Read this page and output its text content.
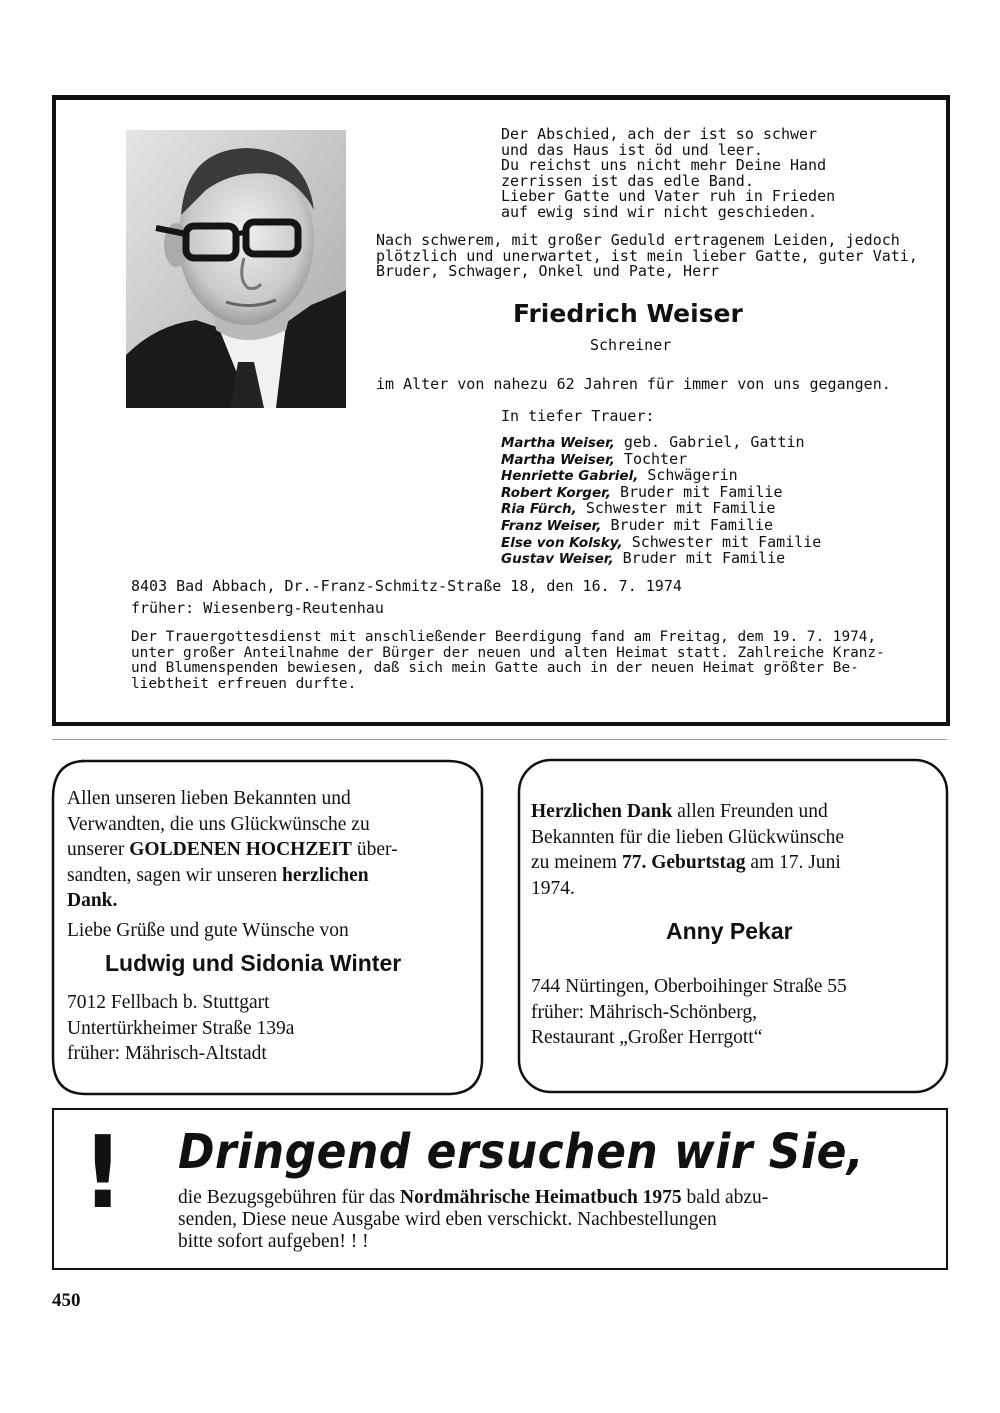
Der Abschied, ach der ist so schwer
und das Haus ist öd und leer.
Du reichst uns nicht mehr Deine Hand
zerrissen ist das edle Band.
Lieber Gatte und Vater ruh in Frieden
auf ewig sind wir nicht geschieden.
Nach schwerem, mit großer Geduld ertragenem Leiden, jedoch
plötzlich und unerwartet, ist mein lieber Gatte, guter Vati,
Bruder, Schwager, Onkel und Pate, Herr
Friedrich Weiser
Schreiner
im Alter von nahezu 62 Jahren für immer von uns gegangen.
In tiefer Trauer:
Martha Weiser, geb. Gabriel, Gattin
Martha Weiser, Tochter
Henriette Gabriel, Schwägerin
Robert Korger, Bruder mit Familie
Ria Fürch, Schwester mit Familie
Franz Weiser, Bruder mit Familie
Else von Kolsky, Schwester mit Familie
Gustav Weiser, Bruder mit Familie
8403 Bad Abbach, Dr.-Franz-Schmitz-Straße 18, den 16. 7. 1974
früher: Wiesenberg-Reutenhau
Der Trauergottesdienst mit anschließender Beerdigung fand am Freitag, dem 19. 7. 1974,
unter großer Anteilnahme der Bürger der neuen und alten Heimat statt. Zahlreiche Kranz-
und Blumenspenden bewiesen, daß sich mein Gatte auch in der neuen Heimat größter Be-
liebtheit erfreuen durfte.
Allen unseren lieben Bekannten und
Verwandten, die uns Glückwünsche zu
unserer GOLDENEN HOCHZEIT über-
sandten, sagen wir unseren herzlichen
Dank.
Liebe Grüße und gute Wünsche von
Ludwig und Sidonia Winter
7012 Fellbach b. Stuttgart
Untertürkheimer Straße 139a
früher: Mährisch-Altstadt
Herzlichen Dank allen Freunden und
Bekannten für die lieben Glückwünsche
zu meinem 77. Geburtstag am 17. Juni
1974.
Anny Pekar
744 Nürtingen, Oberboihinger Straße 55
früher: Mährisch-Schönberg,
Restaurant „Großer Herrgott“
! Dringend ersuchen wir Sie,
die Bezugsgebühren für das Nordmährische Heimatbuch 1975 bald abzu-
senden, Diese neue Ausgabe wird eben verschickt. Nachbestellungen
bitte sofort aufgeben! ! !
450
